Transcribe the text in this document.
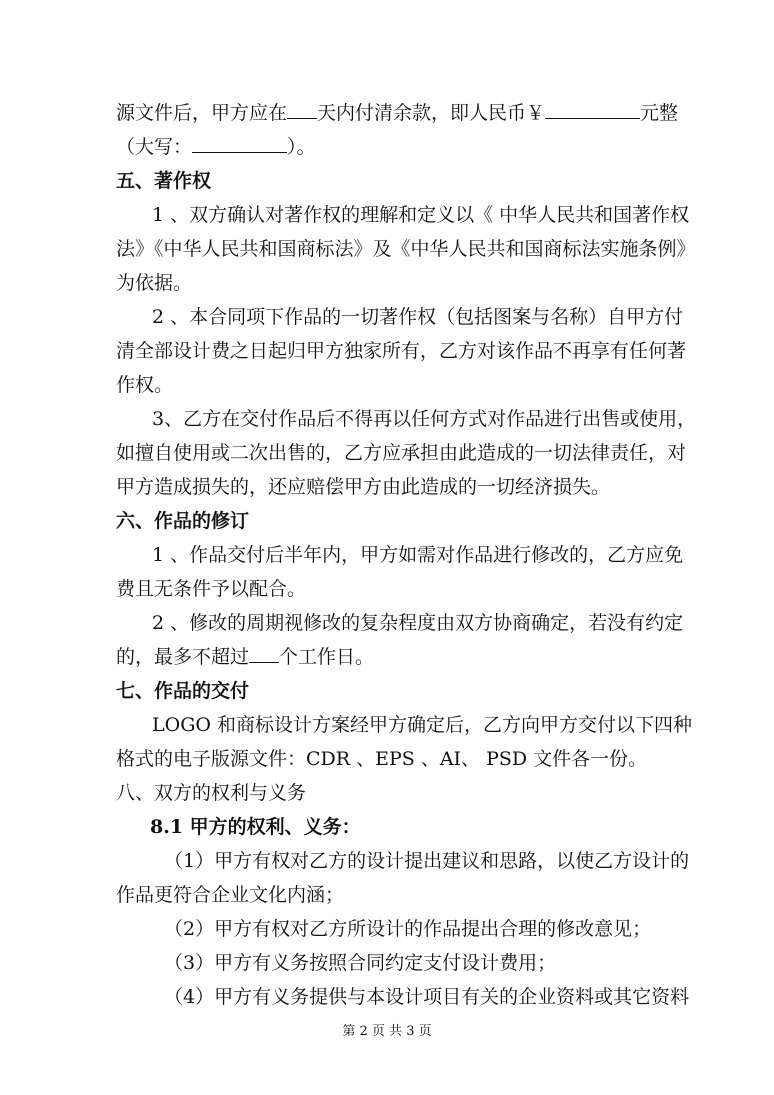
源文件后，甲方应在 天内付清余款，即人民币￥	元整
（大写：	）。
五、著作权
1 、双方确认对著作权的理解和定义以《 中华人民共和国著作权
法》《中华人民共和国商标法》及《中华人民共和国商标法实施条例》
为依据。
2 、本合同项下作品的一切著作权（包括图案与名称）自甲方付
清全部设计费之日起归甲方独家所有，乙方对该作品不再享有任何著
作权。
3、乙方在交付作品后不得再以任何方式对作品进行出售或使用，
如擅自使用或二次出售的，乙方应承担由此造成的一切法律责任，对
甲方造成损失的，还应赔偿甲方由此造成的一切经济损失。
六、作品的修订
1 、作品交付后半年内，甲方如需对作品进行修改的，乙方应免
费且无条件予以配合。
2 、修改的周期视修改的复杂程度由双方协商确定，若没有约定
的，最多不超过 个工作日。
七、作品的交付
LOGO 和商标设计方案经甲方确定后，乙方向甲方交付以下四种
格式的电子版源文件：CDR 、EPS 、AI、 PSD 文件各一份。
八、双方的权利与义务
8.1 甲方的权利、义务：
（1）甲方有权对乙方的设计提出建议和思路，以使乙方设计的
作品更符合企业文化内涵；
（2）甲方有权对乙方所设计的作品提出合理的修改意见；
（3）甲方有义务按照合同约定支付设计费用；
（4）甲方有义务提供与本设计项目有关的企业资料或其它资料
第 2 页 共 3 页
